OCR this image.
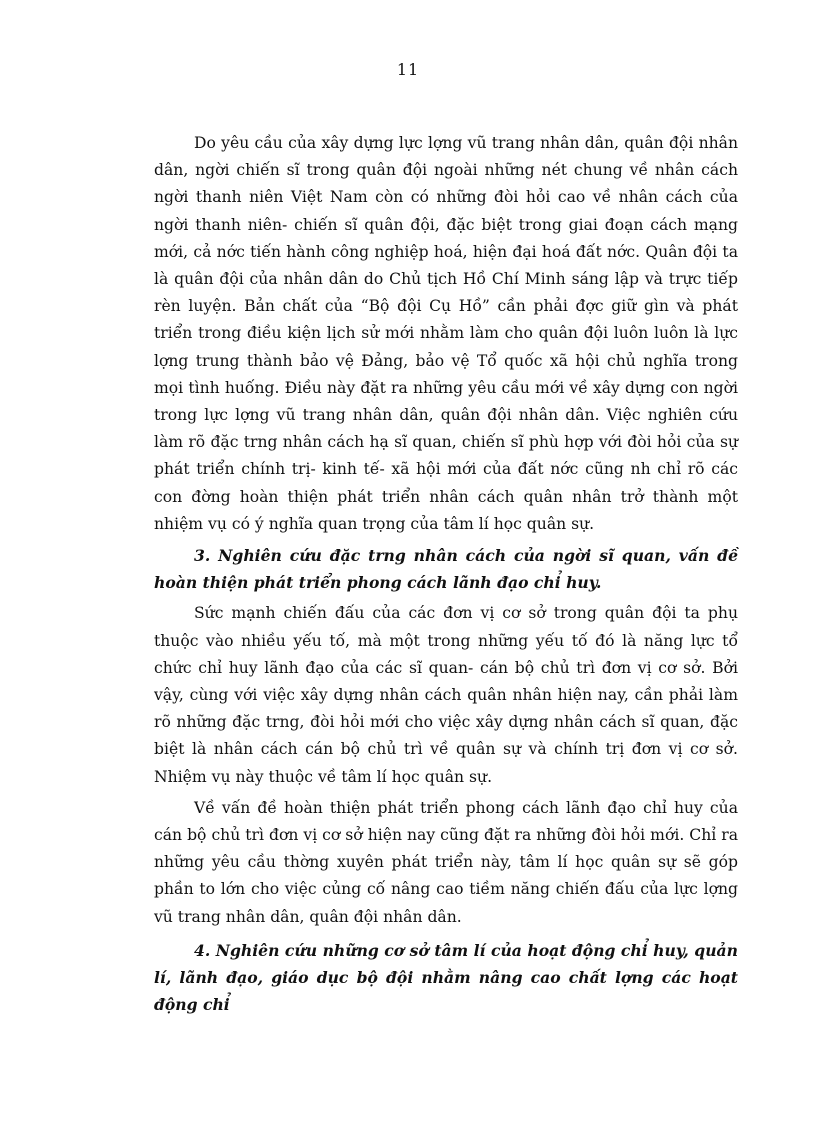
11

Do yêu cầu của xây dựng lực lợng vũ trang nhân dân, quân đội nhân dân, ngời chiến sĩ trong quân đội ngoài những nét chung về nhân cách ngời thanh niên Việt Nam còn có những đòi hỏi cao về nhân cách của ngời thanh niên- chiến sĩ quân đội, đặc biệt trong giai đoạn cách mạng mới, cả nớc tiến hành công nghiệp hoá, hiện đại hoá đất nớc. Quân đội ta là quân đội của nhân dân do Chủ tịch Hồ Chí Minh sáng lập và trực tiếp rèn luyện. Bản chất của “Bộ đội Cụ Hồ” cần phải đợc giữ gìn và phát triển trong điều kiện lịch sử mới nhằm làm cho quân đội luôn luôn là lực lợng trung thành bảo vệ Đảng, bảo vệ Tổ quốc xã hội chủ nghĩa trong mọi tình huống. Điều này đặt ra những yêu cầu mới về xây dựng con ngời trong lực lợng vũ trang nhân dân, quân đội nhân dân. Việc nghiên cứu làm rõ đặc trng nhân cách hạ sĩ quan, chiến sĩ phù hợp với đòi hỏi của sự phát triển chính trị- kinh tế- xã hội mới của đất nớc cũng nh chỉ rõ các con đờng hoàn thiện phát triển nhân cách quân nhân trở thành một nhiệm vụ có ý nghĩa quan trọng của tâm lí học quân sự.

3. Nghiên cứu đặc trng nhân cách của ngời sĩ quan, vấn đề hoàn thiện phát triển phong cách lãnh đạo chỉ huy.

Sức mạnh chiến đấu của các đơn vị cơ sở trong quân đội ta phụ thuộc vào nhiều yếu tố, mà một trong những yếu tố đó là năng lực tổ chức chỉ huy lãnh đạo của các sĩ quan- cán bộ chủ trì đơn vị cơ sở. Bởi vậy, cùng với việc xây dựng nhân cách quân nhân hiện nay, cần phải làm rõ những đặc trng, đòi hỏi mới cho việc xây dựng nhân cách sĩ quan, đặc biệt là nhân cách cán bộ chủ trì về quân sự và chính trị đơn vị cơ sở. Nhiệm vụ này thuộc về tâm lí học quân sự.

Về vấn đề hoàn thiện phát triển phong cách lãnh đạo chỉ huy của cán bộ chủ trì đơn vị cơ sở hiện nay cũng đặt ra những đòi hỏi mới. Chỉ ra những yêu cầu thờng xuyên phát triển này, tâm lí học quân sự sẽ góp phần to lớn cho việc củng cố nâng cao tiềm năng chiến đấu của lực lợng vũ trang nhân dân, quân đội nhân dân.

4. Nghiên cứu những cơ sở tâm lí của hoạt động chỉ huy, quản lí, lãnh đạo, giáo dục bộ đội nhằm nâng cao chất lợng các hoạt động chỉ
